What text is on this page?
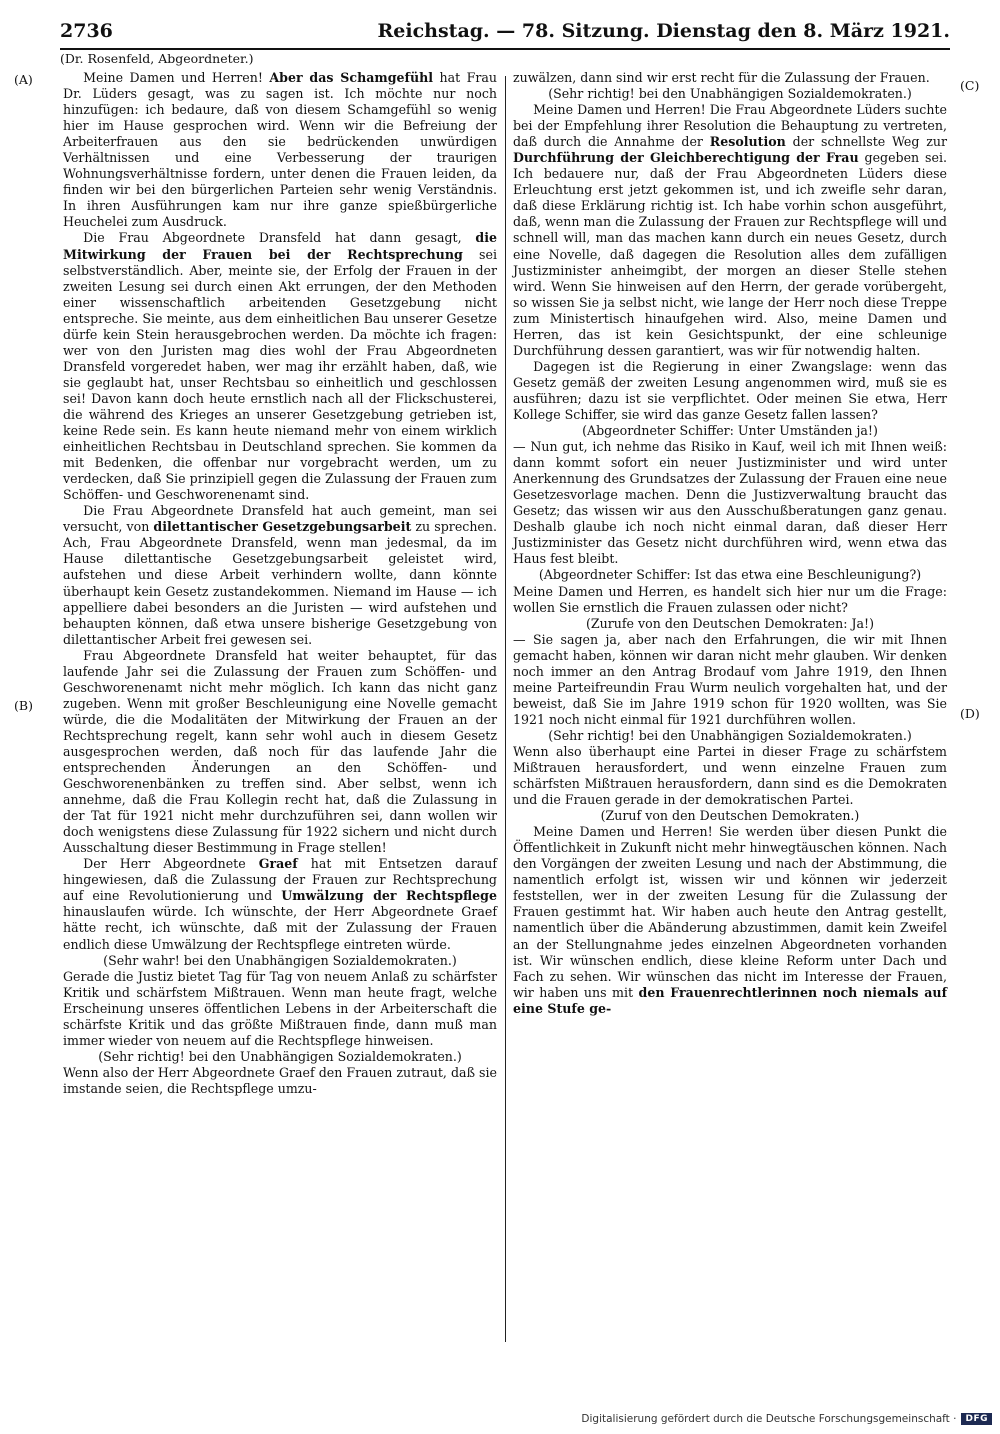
2736	Reichstag. — 78. Sitzung. Dienstag den 8. März 1921.
(Dr. Rosenfeld, Abgeordneter.)
(A)
(B)
(C)
(D)

Meine Damen und Herren! Aber das Schamgefühl hat Frau Dr. Lüders gesagt, was zu sagen ist. Ich möchte nur noch hinzufügen: ich bedaure, daß von diesem Schamgefühl so wenig hier im Hause gesprochen wird. Wenn wir die Befreiung der Arbeiterfrauen aus den sie bedrückenden unwürdigen Verhältnissen und eine Verbesserung der traurigen Wohnungsverhältnisse fordern, unter denen die Frauen leiden, da finden wir bei den bürgerlichen Parteien sehr wenig Verständnis. In ihren Ausführungen kam nur ihre ganze spießbürgerliche Heuchelei zum Ausdruck.

Die Frau Abgeordnete Dransfeld hat dann gesagt, die Mitwirkung der Frauen bei der Rechtsprechung sei selbstverständlich. Aber, meinte sie, der Erfolg der Frauen in der zweiten Lesung sei durch einen Akt errungen, der den Methoden einer wissenschaftlich arbeitenden Gesetzgebung nicht entspreche. Sie meinte, aus dem einheitlichen Bau unserer Gesetze dürfe kein Stein herausgebrochen werden. Da möchte ich fragen: wer von den Juristen mag dies wohl der Frau Abgeordneten Dransfeld vorgeredet haben, wer mag ihr erzählt haben, daß, wie sie geglaubt hat, unser Rechtsbau so einheitlich und geschlossen sei! Davon kann doch heute ernstlich nach all der Flickschusterei, die während des Krieges an unserer Gesetzgebung getrieben ist, keine Rede sein. Es kann heute niemand mehr von einem wirklich einheitlichen Rechtsbau in Deutschland sprechen. Sie kommen da mit Bedenken, die offenbar nur vorgebracht werden, um zu verdecken, daß Sie prinzipiell gegen die Zulassung der Frauen zum Schöffen- und Geschworenenamt sind.

Die Frau Abgeordnete Dransfeld hat auch gemeint, man sei versucht, von dilettantischer Gesetzgebungsarbeit zu sprechen. Ach, Frau Abgeordnete Dransfeld, wenn man jedesmal, da im Hause dilettantische Gesetzgebungsarbeit geleistet wird, aufstehen und diese Arbeit verhindern wollte, dann könnte überhaupt kein Gesetz zustandekommen. Niemand im Hause — ich appelliere dabei besonders an die Juristen — wird aufstehen und behaupten können, daß etwa unsere bisherige Gesetzgebung von dilettantischer Arbeit frei gewesen sei.

Frau Abgeordnete Dransfeld hat weiter behauptet, für das laufende Jahr sei die Zulassung der Frauen zum Schöffen- und Geschworenenamt nicht mehr möglich. Ich kann das nicht ganz zugeben. Wenn mit großer Beschleunigung eine Novelle gemacht würde, die die Modalitäten der Mitwirkung der Frauen an der Rechtsprechung regelt, kann sehr wohl auch in diesem Gesetz ausgesprochen werden, daß noch für das laufende Jahr die entsprechenden Änderungen an den Schöffen- und Geschworenenbänken zu treffen sind. Aber selbst, wenn ich annehme, daß die Frau Kollegin recht hat, daß die Zulassung in der Tat für 1921 nicht mehr durchzuführen sei, dann wollen wir doch wenigstens diese Zulassung für 1922 sichern und nicht durch Ausschaltung dieser Bestimmung in Frage stellen!

Der Herr Abgeordnete Graef hat mit Entsetzen darauf hingewiesen, daß die Zulassung der Frauen zur Rechtsprechung auf eine Revolutionierung und Umwälzung der Rechtspflege hinauslaufen würde. Ich wünschte, der Herr Abgeordnete Graef hätte recht, ich wünschte, daß mit der Zulassung der Frauen endlich diese Umwälzung der Rechtspflege eintreten würde.

(Sehr wahr! bei den Unabhängigen Sozialdemokraten.)

Gerade die Justiz bietet Tag für Tag von neuem Anlaß zu schärfster Kritik und schärfstem Mißtrauen. Wenn man heute fragt, welche Erscheinung unseres öffentlichen Lebens in der Arbeiterschaft die schärfste Kritik und das größte Mißtrauen finde, dann muß man immer wieder von neuem auf die Rechtspflege hinweisen.

(Sehr richtig! bei den Unabhängigen Sozialdemokraten.)

Wenn also der Herr Abgeordnete Graef den Frauen zutraut, daß sie imstande seien, die Rechtspflege umzu-

zuwälzen, dann sind wir erst recht für die Zulassung der Frauen.

(Sehr richtig! bei den Unabhängigen Sozialdemokraten.)

Meine Damen und Herren! Die Frau Abgeordnete Lüders suchte bei der Empfehlung ihrer Resolution die Behauptung zu vertreten, daß durch die Annahme der Resolution der schnellste Weg zur Durchführung der Gleichberechtigung der Frau gegeben sei. Ich bedauere nur, daß der Frau Abgeordneten Lüders diese Erleuchtung erst jetzt gekommen ist, und ich zweifle sehr daran, daß diese Erklärung richtig ist. Ich habe vorhin schon ausgeführt, daß, wenn man die Zulassung der Frauen zur Rechtspflege will und schnell will, man das machen kann durch ein neues Gesetz, durch eine Novelle, daß dagegen die Resolution alles dem zufälligen Justizminister anheimgibt, der morgen an dieser Stelle stehen wird. Wenn Sie hinweisen auf den Herrn, der gerade vorübergeht, so wissen Sie ja selbst nicht, wie lange der Herr noch diese Treppe zum Ministertisch hinaufgehen wird. Also, meine Damen und Herren, das ist kein Gesichtspunkt, der eine schleunige Durchführung dessen garantiert, was wir für notwendig halten.

Dagegen ist die Regierung in einer Zwangslage: wenn das Gesetz gemäß der zweiten Lesung angenommen wird, muß sie es ausführen; dazu ist sie verpflichtet. Oder meinen Sie etwa, Herr Kollege Schiffer, sie wird das ganze Gesetz fallen lassen?

(Abgeordneter Schiffer: Unter Umständen ja!)

— Nun gut, ich nehme das Risiko in Kauf, weil ich mit Ihnen weiß: dann kommt sofort ein neuer Justizminister und wird unter Anerkennung des Grundsatzes der Zulassung der Frauen eine neue Gesetzesvorlage machen. Denn die Justizverwaltung braucht das Gesetz; das wissen wir aus den Ausschußberatungen ganz genau. Deshalb glaube ich noch nicht einmal daran, daß dieser Herr Justizminister das Gesetz nicht durchführen wird, wenn etwa das Haus fest bleibt.

(Abgeordneter Schiffer: Ist das etwa eine Beschleunigung?)

Meine Damen und Herren, es handelt sich hier nur um die Frage: wollen Sie ernstlich die Frauen zulassen oder nicht?

(Zurufe von den Deutschen Demokraten: Ja!)

— Sie sagen ja, aber nach den Erfahrungen, die wir mit Ihnen gemacht haben, können wir daran nicht mehr glauben. Wir denken noch immer an den Antrag Brodauf vom Jahre 1919, den Ihnen meine Parteifreundin Frau Wurm neulich vorgehalten hat, und der beweist, daß Sie im Jahre 1919 schon für 1920 wollten, was Sie 1921 noch nicht einmal für 1921 durchführen wollen.

(Sehr richtig! bei den Unabhängigen Sozialdemokraten.)

Wenn also überhaupt eine Partei in dieser Frage zu schärfstem Mißtrauen herausfordert, und wenn einzelne Frauen zum schärfsten Mißtrauen herausfordern, dann sind es die Demokraten und die Frauen gerade in der demokratischen Partei.

(Zuruf von den Deutschen Demokraten.)

Meine Damen und Herren! Sie werden über diesen Punkt die Öffentlichkeit in Zukunft nicht mehr hinwegtäuschen können. Nach den Vorgängen der zweiten Lesung und nach der Abstimmung, die namentlich erfolgt ist, wissen wir und können wir jederzeit feststellen, wer in der zweiten Lesung für die Zulassung der Frauen gestimmt hat. Wir haben auch heute den Antrag gestellt, namentlich über die Abänderung abzustimmen, damit kein Zweifel an der Stellungnahme jedes einzelnen Abgeordneten vorhanden ist. Wir wünschen endlich, diese kleine Reform unter Dach und Fach zu sehen. Wir wünschen das nicht im Interesse der Frauen, wir haben uns mit den Frauenrechtlerinnen noch niemals auf eine Stufe ge-

Digitalisierung gefördert durch die Deutsche Forschungsgemeinschaft ·	DFG
